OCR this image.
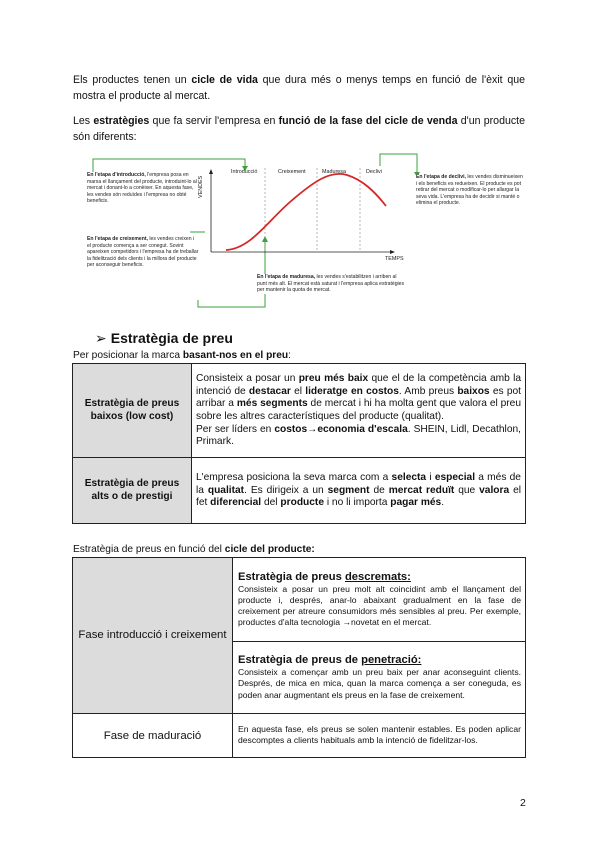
Els productes tenen un cicle de vida que dura més o menys temps en funció de l'èxit que mostra el producte al mercat.

Les estratègies que fa servir l'empresa en funció de la fase del cicle de venda d'un producte són diferents:

Introducció	Creixement	Maduresa	Declivi
TEMPS
VENDES
En l'etapa d'introducció, l'empresa posa en marxa el llançament del producte, introduint-lo al mercat i donant-lo a conèixer. En aquesta fase, les vendes són reduïdes i l'empresa no obté beneficis.
En l'etapa de creixement, les vendes creixen i el producte comença a ser conegut. Sovint apareixen competidors i l'empresa ha de treballar la fidelització dels clients i la millora del producte per aconseguir beneficis.
En l'etapa de maduresa, les vendes s'estabilitzen i arriben al punt més alt. El mercat està saturat i l'empresa aplica estratègies per mantenir la quota de mercat.
En l'etapa de declivi, les vendes disminueixen i els beneficis es redueixen. El producte es pot retirar del mercat o modificar-lo per allargar la seva vida. L'empresa ha de decidir si manté o elimina el producte.
➢ Estratègia de preu
Per posicionar la marca basant-nos en el preu:
Estratègia de preus baixos (low cost)	Consisteix a posar un preu més baix que el de la competència amb la intenció de destacar el lideratge en costos. Amb preus baixos es pot arribar a més segments de mercat i hi ha molta gent que valora el preu sobre les altres característiques del producte (qualitat).
Per ser líders en costos→economia d'escala. SHEIN, Lidl, Decathlon, Primark.
Estratègia de preus alts o de prestigi	L'empresa posiciona la seva marca com a selecta i especial a més de la qualitat. Es dirigeix a un segment de mercat reduït que valora el fet diferencial del producte i no li importa pagar més.
Estratègia de preus en funció del cicle del producte:
Fase introducció i creixement	Estratègia de preus descremats:
Consisteix a posar un preu molt alt coincidint amb el llançament del producte i, després, anar-lo abaixant gradualment en la fase de creixement per atreure consumidors més sensibles al preu. Per exemple, productes d'alta tecnologia →novetat en el mercat.

	Estratègia de preus de penetració:
Consisteix a començar amb un preu baix per anar aconseguint clients. Després, de mica en mica, quan la marca comença a ser coneguda, es poden anar augmentant els preus en la fase de creixement.

Fase de maduració	En aquesta fase, els preus se solen mantenir estables. Es poden aplicar descomptes a clients habituals amb la intenció de fidelitzar-los.
2
